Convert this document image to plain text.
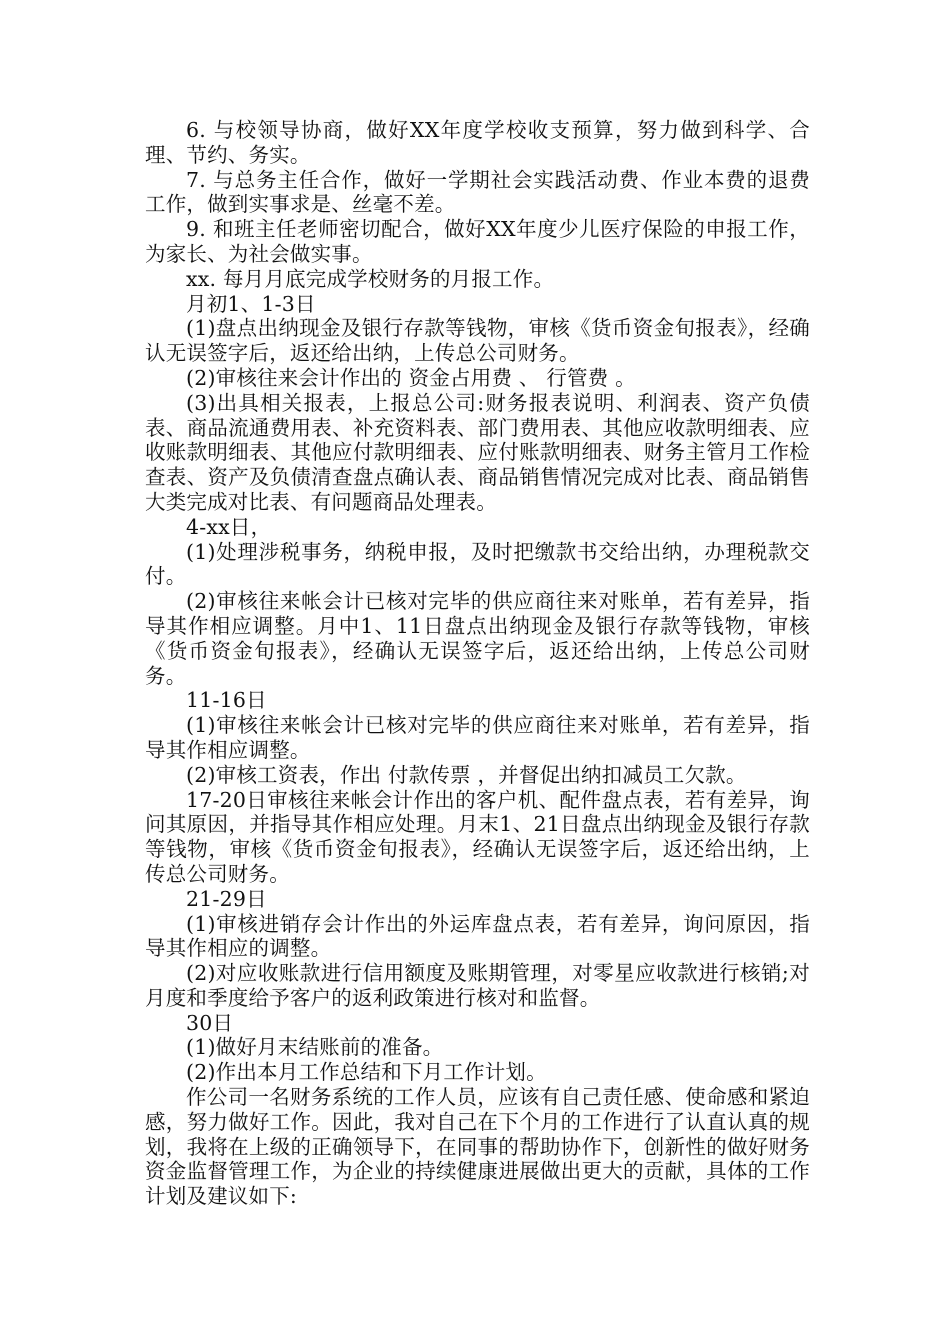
6. 与校领导协商，做好XX年度学校收支预算，努力做到科学、合理、节约、务实。

7. 与总务主任合作，做好一学期社会实践活动费、作业本费的退费工作，做到实事求是、丝毫不差。

9. 和班主任老师密切配合，做好XX年度少儿医疗保险的申报工作，为家长、为社会做实事。

xx. 每月月底完成学校财务的月报工作。

月初1、1-3日

(1)盘点出纳现金及银行存款等钱物，审核《货币资金旬报表》，经确认无误签字后，返还给出纳，上传总公司财务。

(2)审核往来会计作出的 资金占用费 、 行管费 。

(3)出具相关报表，上报总公司:财务报表说明、利润表、资产负债表、商品流通费用表、补充资料表、部门费用表、其他应收款明细表、应收账款明细表、其他应付款明细表、应付账款明细表、财务主管月工作检查表、资产及负债清查盘点确认表、商品销售情况完成对比表、商品销售大类完成对比表、有问题商品处理表。

4-xx日，

(1)处理涉税事务，纳税申报，及时把缴款书交给出纳，办理税款交付。

(2)审核往来帐会计已核对完毕的供应商往来对账单，若有差异，指导其作相应调整。月中1、11日盘点出纳现金及银行存款等钱物，审核《货币资金旬报表》，经确认无误签字后，返还给出纳，上传总公司财务。

11-16日

(1)审核往来帐会计已核对完毕的供应商往来对账单，若有差异，指导其作相应调整。

(2)审核工资表，作出 付款传票 ，并督促出纳扣减员工欠款。

17-20日审核往来帐会计作出的客户机、配件盘点表，若有差异，询问其原因，并指导其作相应处理。月末1、21日盘点出纳现金及银行存款等钱物，审核《货币资金旬报表》，经确认无误签字后，返还给出纳，上传总公司财务。

21-29日

(1)审核进销存会计作出的外运库盘点表，若有差异，询问原因，指导其作相应的调整。

(2)对应收账款进行信用额度及账期管理，对零星应收款进行核销;对月度和季度给予客户的返利政策进行核对和监督。

30日

(1)做好月末结账前的准备。

(2)作出本月工作总结和下月工作计划。

作公司一名财务系统的工作人员，应该有自己责任感、使命感和紧迫感，努力做好工作。因此，我对自己在下个月的工作进行了认直认真的规划，我将在上级的正确领导下，在同事的帮助协作下，创新性的做好财务资金监督管理工作，为企业的持续健康进展做出更大的贡献，具体的工作计划及建议如下:
